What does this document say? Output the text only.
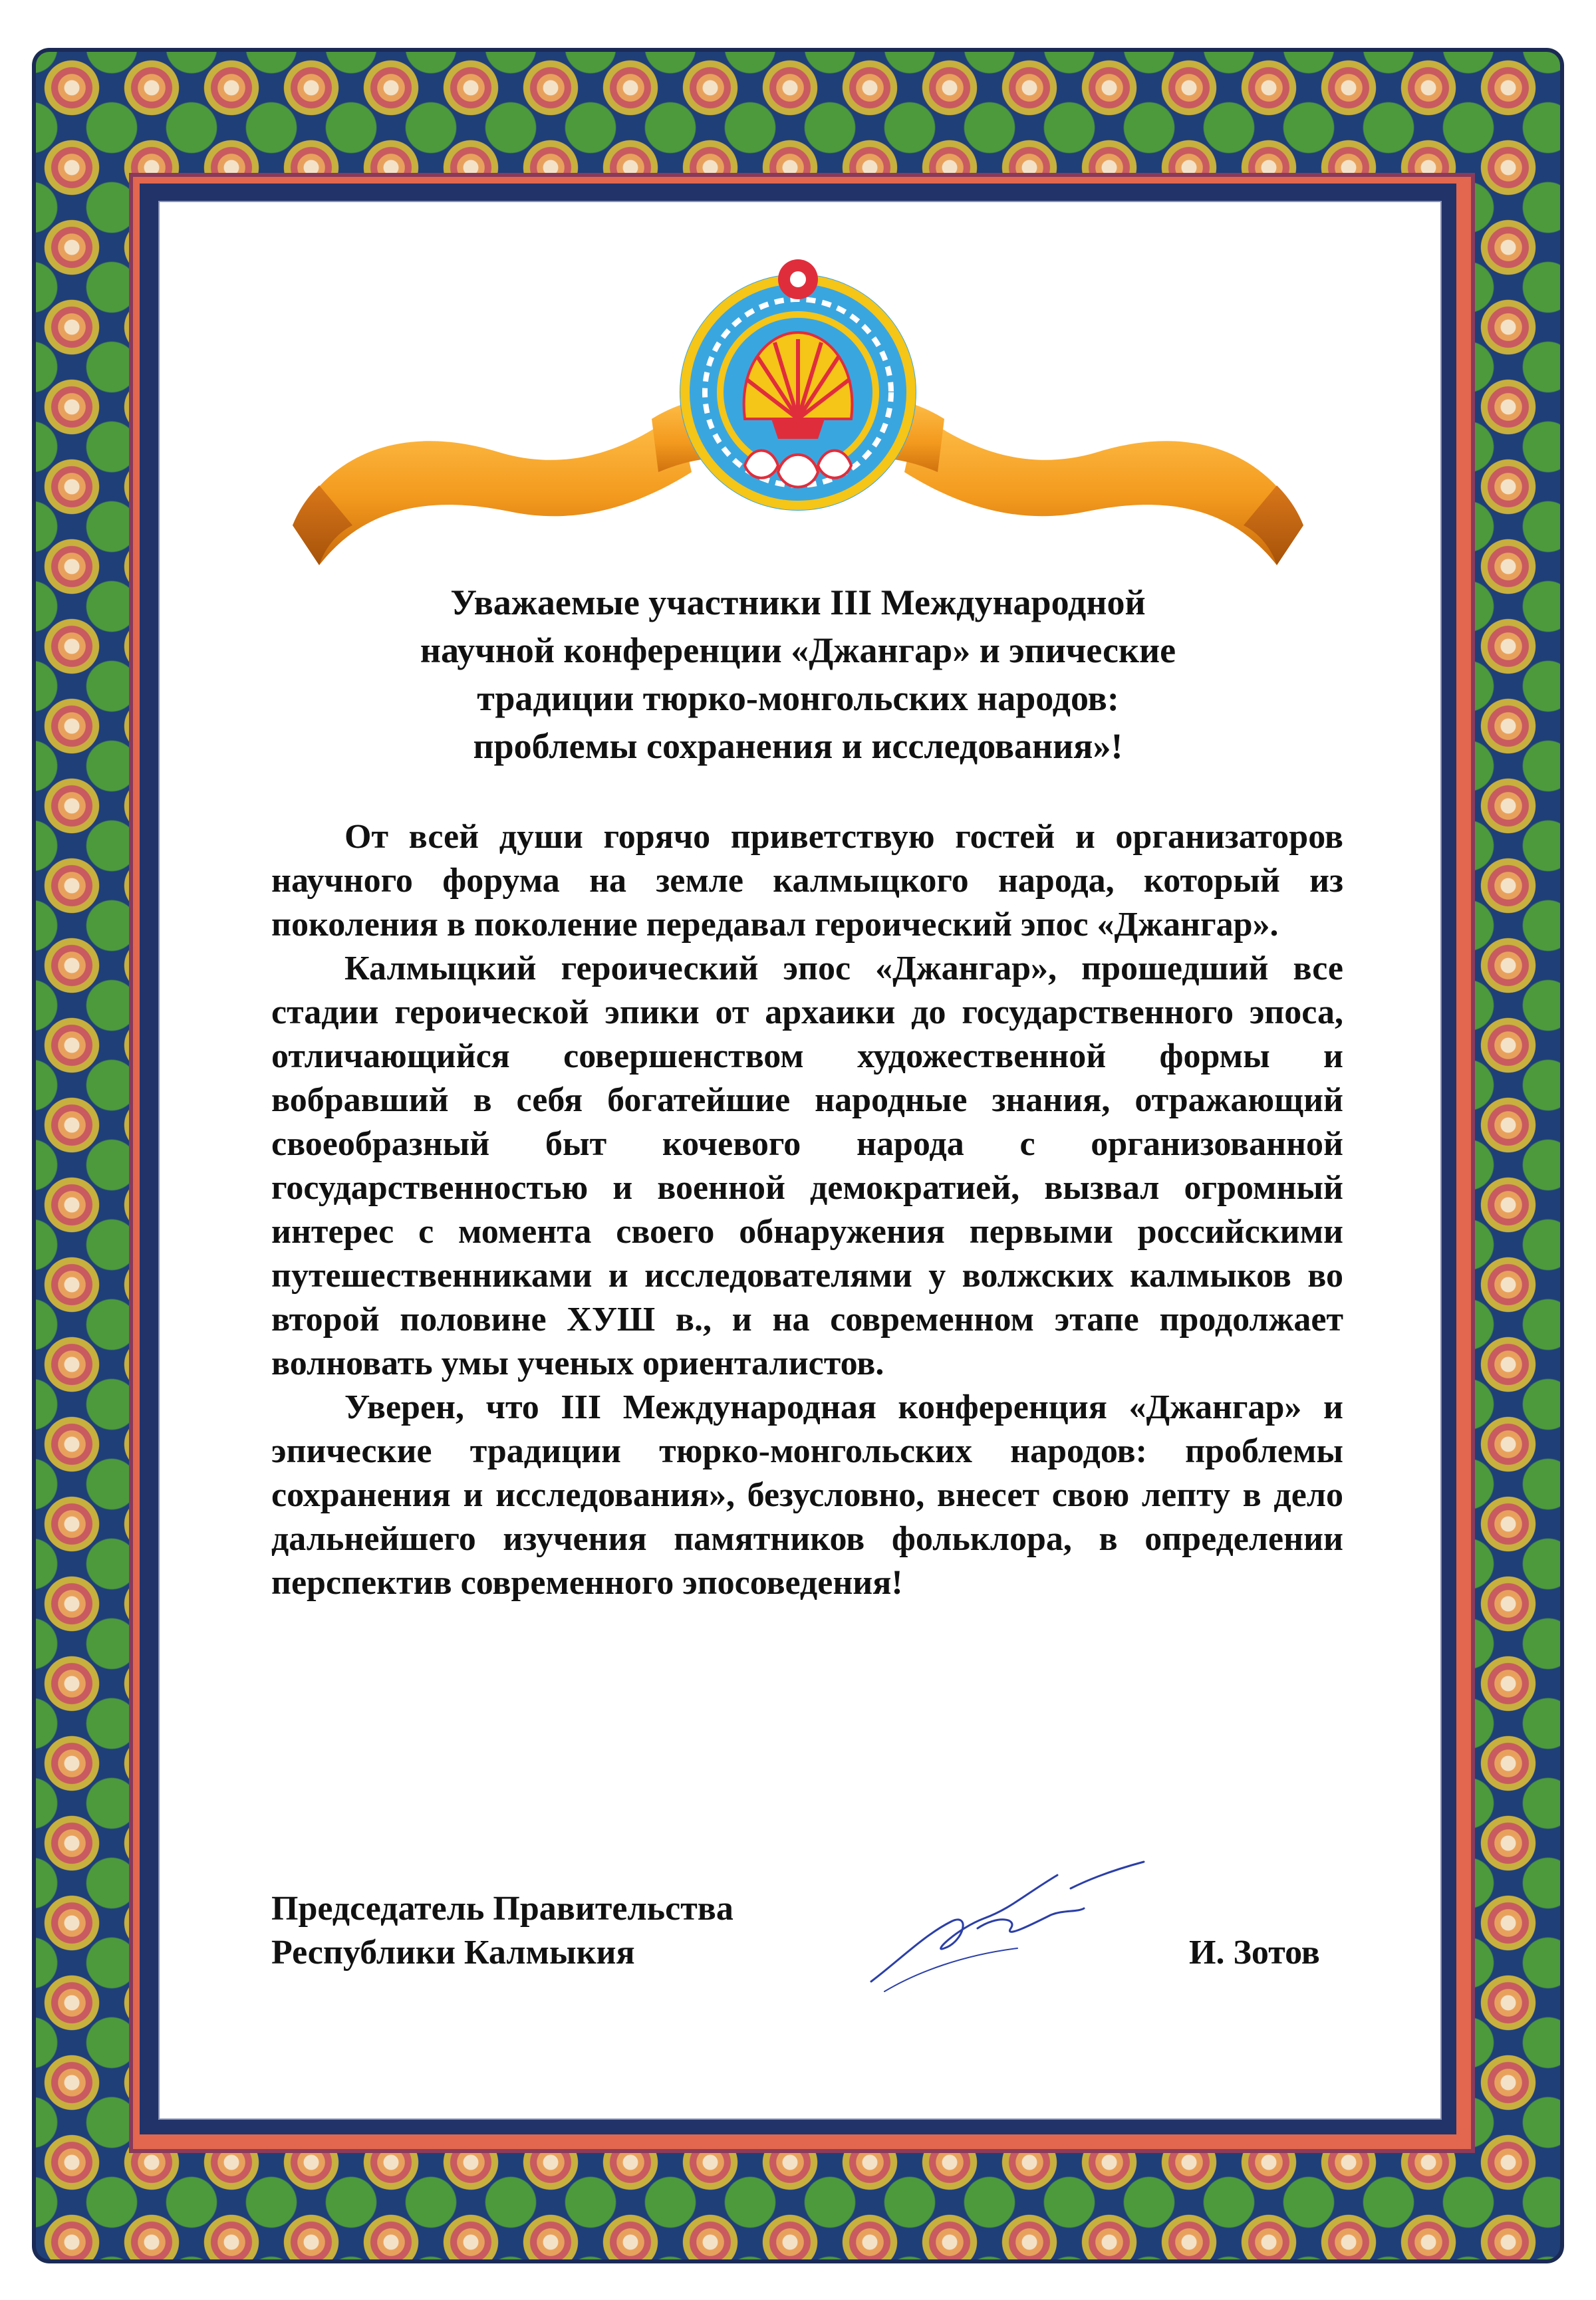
Уважаемые участники III Международной
научной конференции «Джангар» и эпические
традиции тюрко-монгольских народов:
проблемы сохранения и исследования»!

От всей души горячо приветствую гостей и организаторов научного форума на земле калмыцкого народа, который из поколения в поколение передавал героический эпос «Джангар».

Калмыцкий героический эпос «Джангар», прошедший все стадии героической эпики от архаики до государственного эпоса, отличающийся совершенством художественной формы и вобравший в себя богатейшие народные знания, отражающий своеобразный быт кочевого народа с организованной государственностью и военной демократией, вызвал огромный интерес с момента своего обнаружения первыми российскими путешественниками и исследователями у волжских калмыков во второй половине ХУШ в., и на современном этапе продолжает волновать умы ученых ориенталистов.

Уверен, что III Международная конференция «Джангар» и эпические традиции тюрко-монгольских народов: проблемы сохранения и исследования», безусловно, внесет свою лепту в дело дальнейшего изучения памятников фольклора, в определении перспектив современного эпосоведения!

Председатель Правительства
Республики Калмыкия	И. Зотов
